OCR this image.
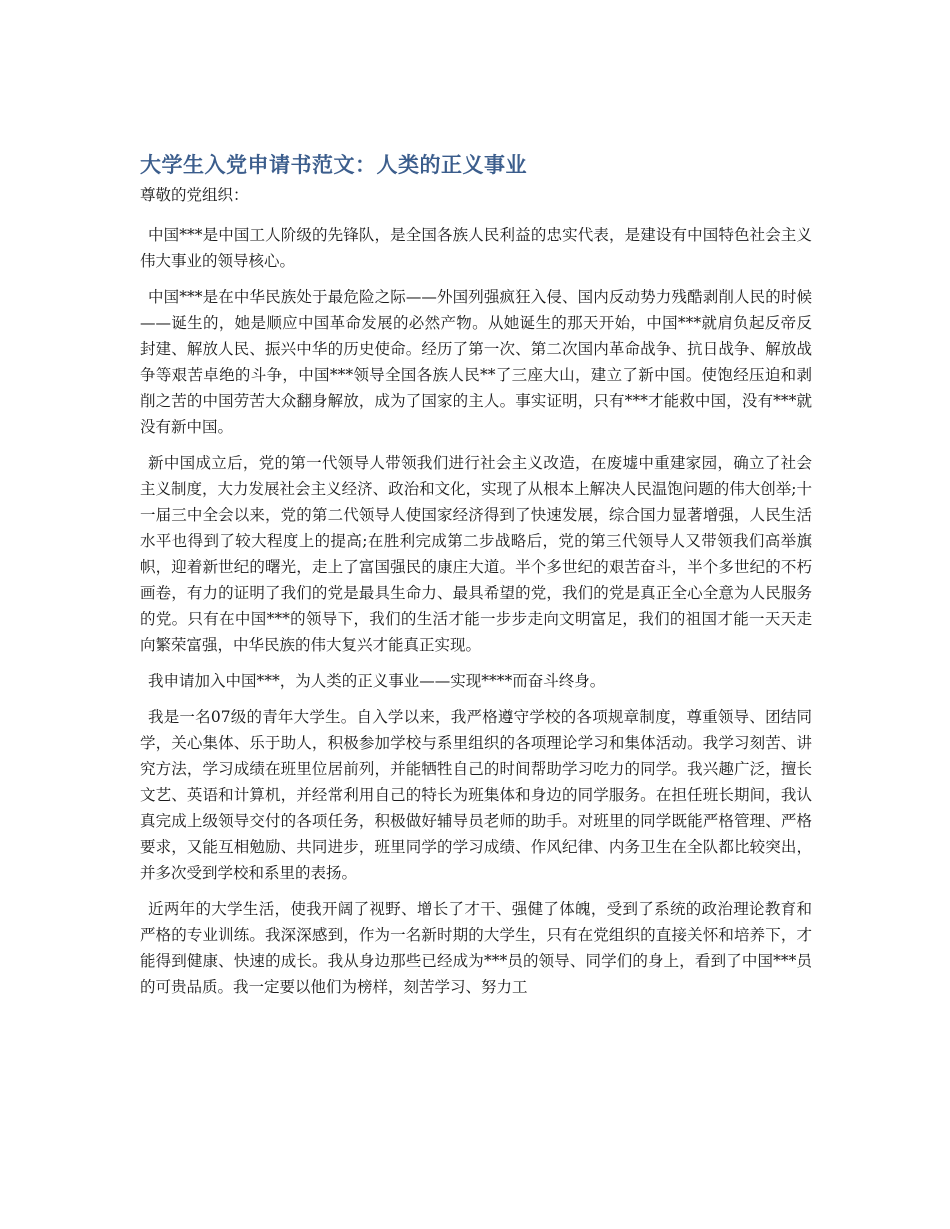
大学生入党申请书范文：人类的正义事业

尊敬的党组织：

中国***是中国工人阶级的先锋队，是全国各族人民利益的忠实代表，是建设有中国特色社会主义伟大事业的领导核心。

中国***是在中华民族处于最危险之际——外国列强疯狂入侵、国内反动势力残酷剥削人民的时候——诞生的，她是顺应中国革命发展的必然产物。从她诞生的那天开始，中国***就肩负起反帝反封建、解放人民、振兴中华的历史使命。经历了第一次、第二次国内革命战争、抗日战争、解放战争等艰苦卓绝的斗争，中国***领导全国各族人民**了三座大山，建立了新中国。使饱经压迫和剥削之苦的中国劳苦大众翻身解放，成为了国家的主人。事实证明，只有***才能救中国，没有***就没有新中国。

新中国成立后，党的第一代领导人带领我们进行社会主义改造，在废墟中重建家园，确立了社会主义制度，大力发展社会主义经济、政治和文化，实现了从根本上解决人民温饱问题的伟大创举;十一届三中全会以来，党的第二代领导人使国家经济得到了快速发展，综合国力显著增强，人民生活水平也得到了较大程度上的提高;在胜利完成第二步战略后，党的第三代领导人又带领我们高举旗帜，迎着新世纪的曙光，走上了富国强民的康庄大道。半个多世纪的艰苦奋斗，半个多世纪的不朽画卷，有力的证明了我们的党是最具生命力、最具希望的党，我们的党是真正全心全意为人民服务的党。只有在中国***的领导下，我们的生活才能一步步走向文明富足，我们的祖国才能一天天走向繁荣富强，中华民族的伟大复兴才能真正实现。

我申请加入中国***，为人类的正义事业——实现****而奋斗终身。

我是一名07级的青年大学生。自入学以来，我严格遵守学校的各项规章制度，尊重领导、团结同学，关心集体、乐于助人，积极参加学校与系里组织的各项理论学习和集体活动。我学习刻苦、讲究方法，学习成绩在班里位居前列，并能牺牲自己的时间帮助学习吃力的同学。我兴趣广泛，擅长文艺、英语和计算机，并经常利用自己的特长为班集体和身边的同学服务。在担任班长期间，我认真完成上级领导交付的各项任务，积极做好辅导员老师的助手。对班里的同学既能严格管理、严格要求，又能互相勉励、共同进步，班里同学的学习成绩、作风纪律、内务卫生在全队都比较突出，并多次受到学校和系里的表扬。

近两年的大学生活，使我开阔了视野、增长了才干、强健了体魄，受到了系统的政治理论教育和严格的专业训练。我深深感到，作为一名新时期的大学生，只有在党组织的直接关怀和培养下，才能得到健康、快速的成长。我从身边那些已经成为***员的领导、同学们的身上，看到了中国***员的可贵品质。我一定要以他们为榜样，刻苦学习、努力工
